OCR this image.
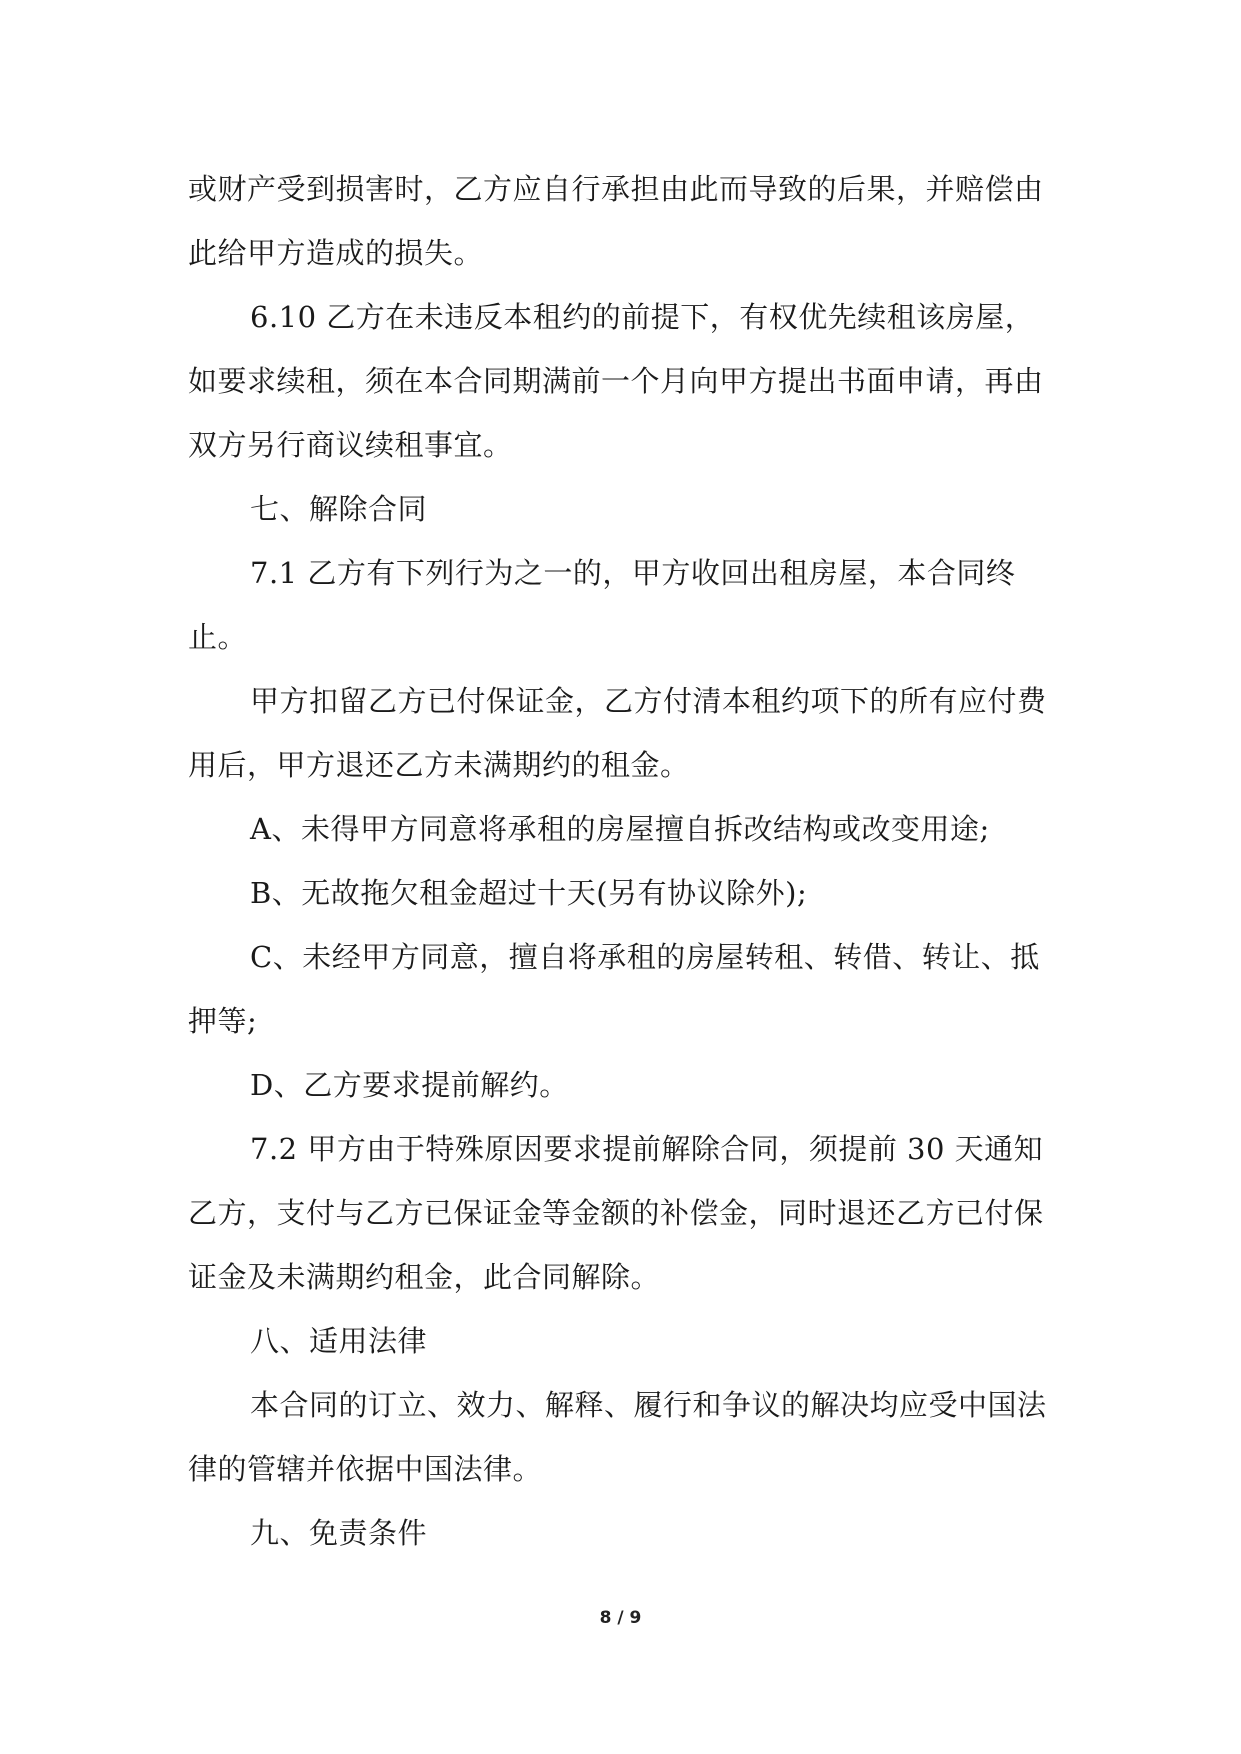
或财产受到损害时，乙方应自行承担由此而导致的后果，并赔偿由此给甲方造成的损失。

6.10 乙方在未违反本租约的前提下，有权优先续租该房屋，如要求续租，须在本合同期满前一个月向甲方提出书面申请，再由双方另行商议续租事宜。

七、解除合同

7.1 乙方有下列行为之一的，甲方收回出租房屋，本合同终止。

甲方扣留乙方已付保证金，乙方付清本租约项下的所有应付费用后，甲方退还乙方未满期约的租金。

A、未得甲方同意将承租的房屋擅自拆改结构或改变用途;

B、无故拖欠租金超过十天(另有协议除外);

C、未经甲方同意，擅自将承租的房屋转租、转借、转让、抵押等;

D、乙方要求提前解约。

7.2 甲方由于特殊原因要求提前解除合同，须提前 30 天通知乙方，支付与乙方已保证金等金额的补偿金，同时退还乙方已付保证金及未满期约租金，此合同解除。

八、适用法律

本合同的订立、效力、解释、履行和争议的解决均应受中国法律的管辖并依据中国法律。

九、免责条件

8 / 9
